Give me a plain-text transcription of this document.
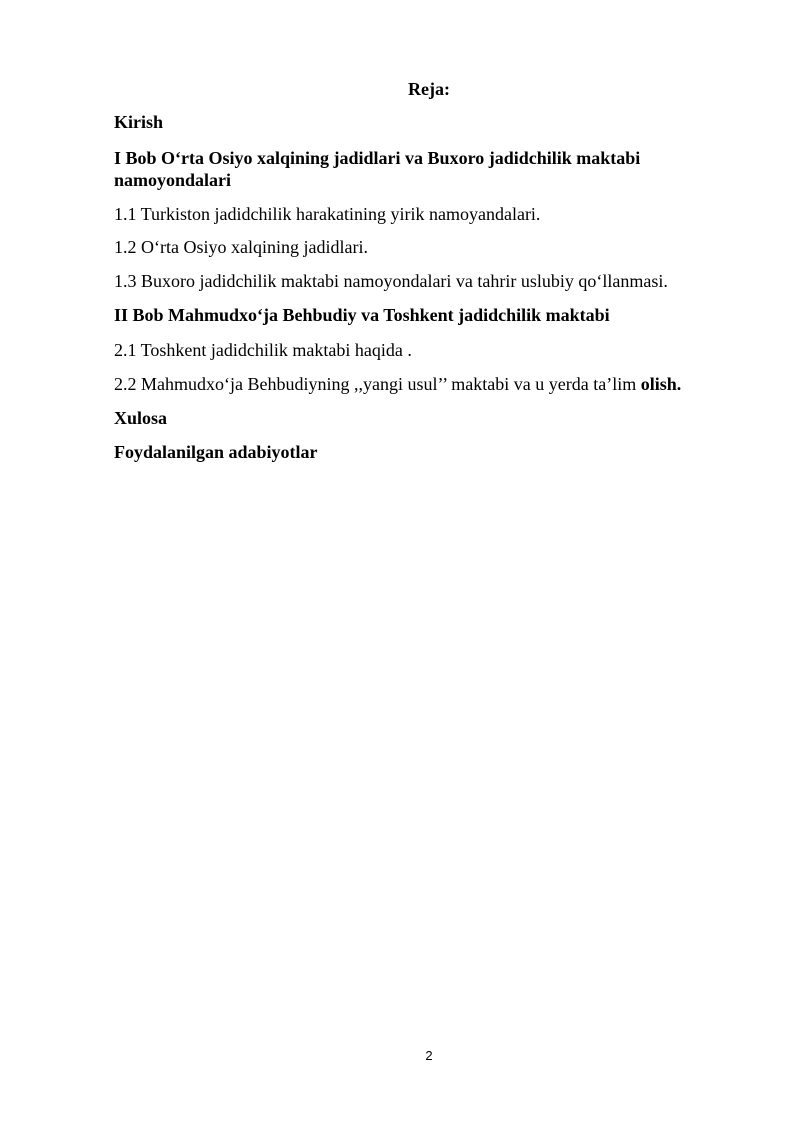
Reja:
Kirish
I Bob O‘rta Osiyo xalqining jadidlari va Buxoro jadidchilik maktabi namoyondalari
1.1 Turkiston jadidchilik harakatining yirik namoyandalari.
1.2 O‘rta Osiyo xalqining jadidlari.
1.3 Buxoro jadidchilik maktabi namoyondalari va tahrir uslubiy qo‘llanmasi.
II Bob Mahmudxo‘ja Behbudiy va Toshkent jadidchilik maktabi
2.1 Toshkent jadidchilik maktabi haqida .
2.2 Mahmudxo‘ja Behbudiyning ,,yangi usul’’ maktabi va u yerda ta’lim olish.
Xulosa
Foydalanilgan adabiyotlar
2
